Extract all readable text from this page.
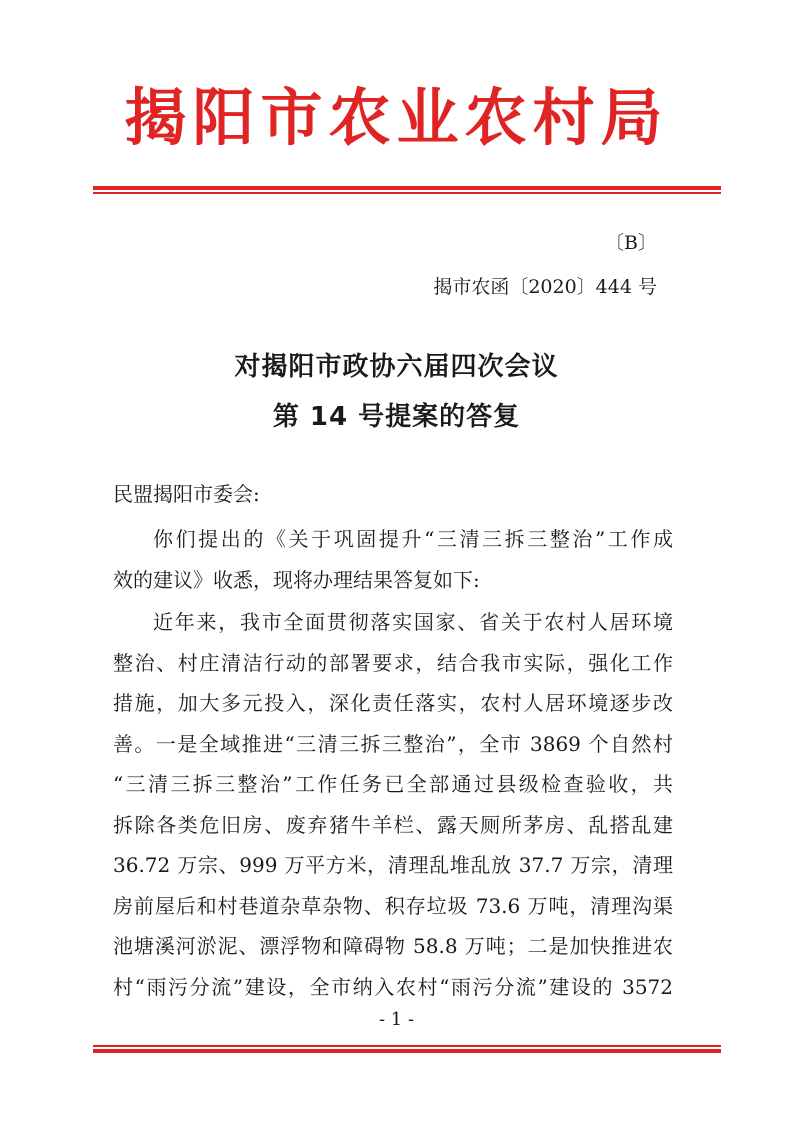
揭阳市农业农村局
〔B〕
揭市农函〔2020〕444 号
对揭阳市政协六届四次会议
第 14 号提案的答复
民盟揭阳市委会:
你们提出的《关于巩固提升“三清三拆三整治”工作成
效的建议》收悉，现将办理结果答复如下:
近年来，我市全面贯彻落实国家、省关于农村人居环境
整治、村庄清洁行动的部署要求，结合我市实际，强化工作
措施，加大多元投入，深化责任落实，农村人居环境逐步改
善。一是全域推进“三清三拆三整治”，全市 3869 个自然村
“三清三拆三整治”工作任务已全部通过县级检查验收，共
拆除各类危旧房、废弃猪牛羊栏、露天厕所茅房、乱搭乱建
36.72 万宗、999 万平方米，清理乱堆乱放 37.7 万宗，清理
房前屋后和村巷道杂草杂物、积存垃圾 73.6 万吨，清理沟渠
池塘溪河淤泥、漂浮物和障碍物 58.8 万吨；二是加快推进农
村“雨污分流”建设，全市纳入农村“雨污分流”建设的 3572
- 1 -
